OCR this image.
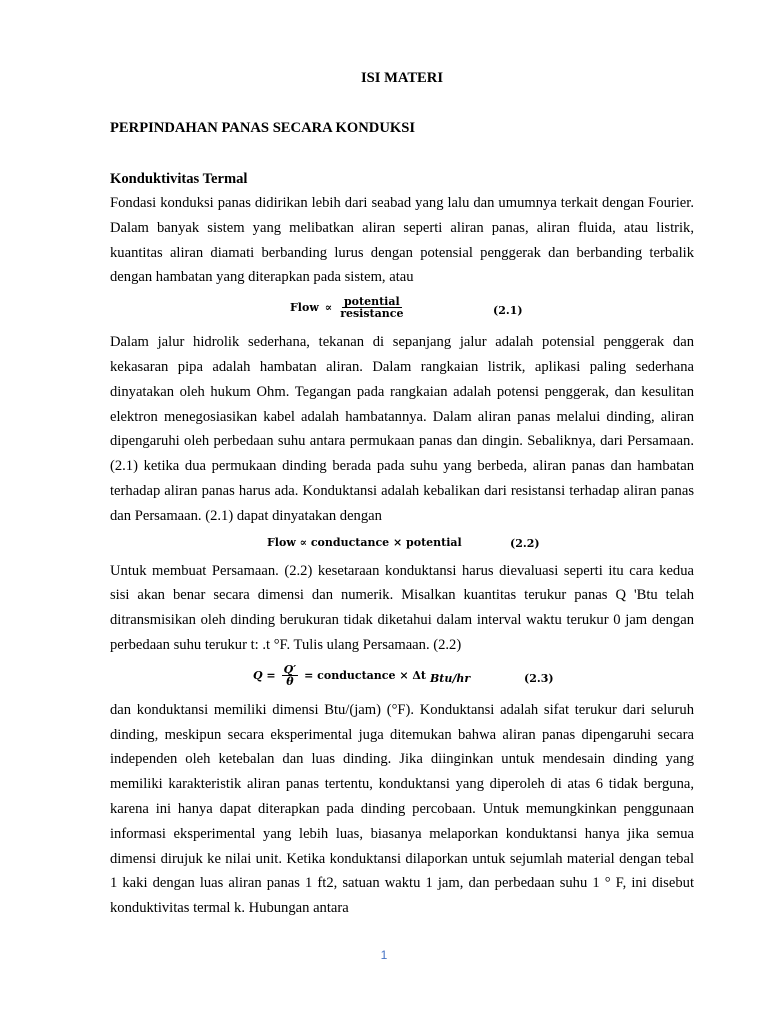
ISI MATERI
PERPINDAHAN PANAS SECARA KONDUKSI
Konduktivitas Termal

Fondasi konduksi panas didirikan lebih dari seabad yang lalu dan umumnya terkait dengan Fourier. Dalam banyak sistem yang melibatkan aliran seperti aliran panas, aliran fluida, atau listrik, kuantitas aliran diamati berbanding lurus dengan potensial penggerak dan berbanding terbalik dengan hambatan yang diterapkan pada sistem, atau

Flow ∝ $\frac{\text{potential}}{\text{resistance}}$	(2.1)

Dalam jalur hidrolik sederhana, tekanan di sepanjang jalur adalah potensial penggerak dan kekasaran pipa adalah hambatan aliran. Dalam rangkaian listrik, aplikasi paling sederhana dinyatakan oleh hukum Ohm. Tegangan pada rangkaian adalah potensi penggerak, dan kesulitan elektron menegosiasikan kabel adalah hambatannya. Dalam aliran panas melalui dinding, aliran dipengaruhi oleh perbedaan suhu antara permukaan panas dan dingin. Sebaliknya, dari Persamaan. (2.1) ketika dua permukaan dinding berada pada suhu yang berbeda, aliran panas dan hambatan terhadap aliran panas harus ada. Konduktansi adalah kebalikan dari resistansi terhadap aliran panas dan Persamaan. (2.1) dapat dinyatakan dengan

Flow ∝ conductance × potential	(2.2)

Untuk membuat Persamaan. (2.2) kesetaraan konduktansi harus dievaluasi seperti itu cara kedua sisi akan benar secara dimensi dan numerik. Misalkan kuantitas terukur panas Q 'Btu telah ditransmisikan oleh dinding berukuran tidak diketahui dalam interval waktu terukur 0 jam dengan perbedaan suhu terukur t: .t °F. Tulis ulang Persamaan. (2.2)

$Q = \frac{Q'}{\theta}$ = conductance × Δt Btu/hr	(2.3)

dan konduktansi memiliki dimensi Btu/(jam) (°F). Konduktansi adalah sifat terukur dari seluruh dinding, meskipun secara eksperimental juga ditemukan bahwa aliran panas dipengaruhi secara independen oleh ketebalan dan luas dinding. Jika diinginkan untuk mendesain dinding yang memiliki karakteristik aliran panas tertentu, konduktansi yang diperoleh di atas 6 tidak berguna, karena ini hanya dapat diterapkan pada dinding percobaan. Untuk memungkinkan penggunaan informasi eksperimental yang lebih luas, biasanya melaporkan konduktansi hanya jika semua dimensi dirujuk ke nilai unit. Ketika konduktansi dilaporkan untuk sejumlah material dengan tebal 1 kaki dengan luas aliran panas 1 ft2, satuan waktu 1 jam, dan perbedaan suhu 1 ° F, ini disebut konduktivitas termal k. Hubungan antara

1
